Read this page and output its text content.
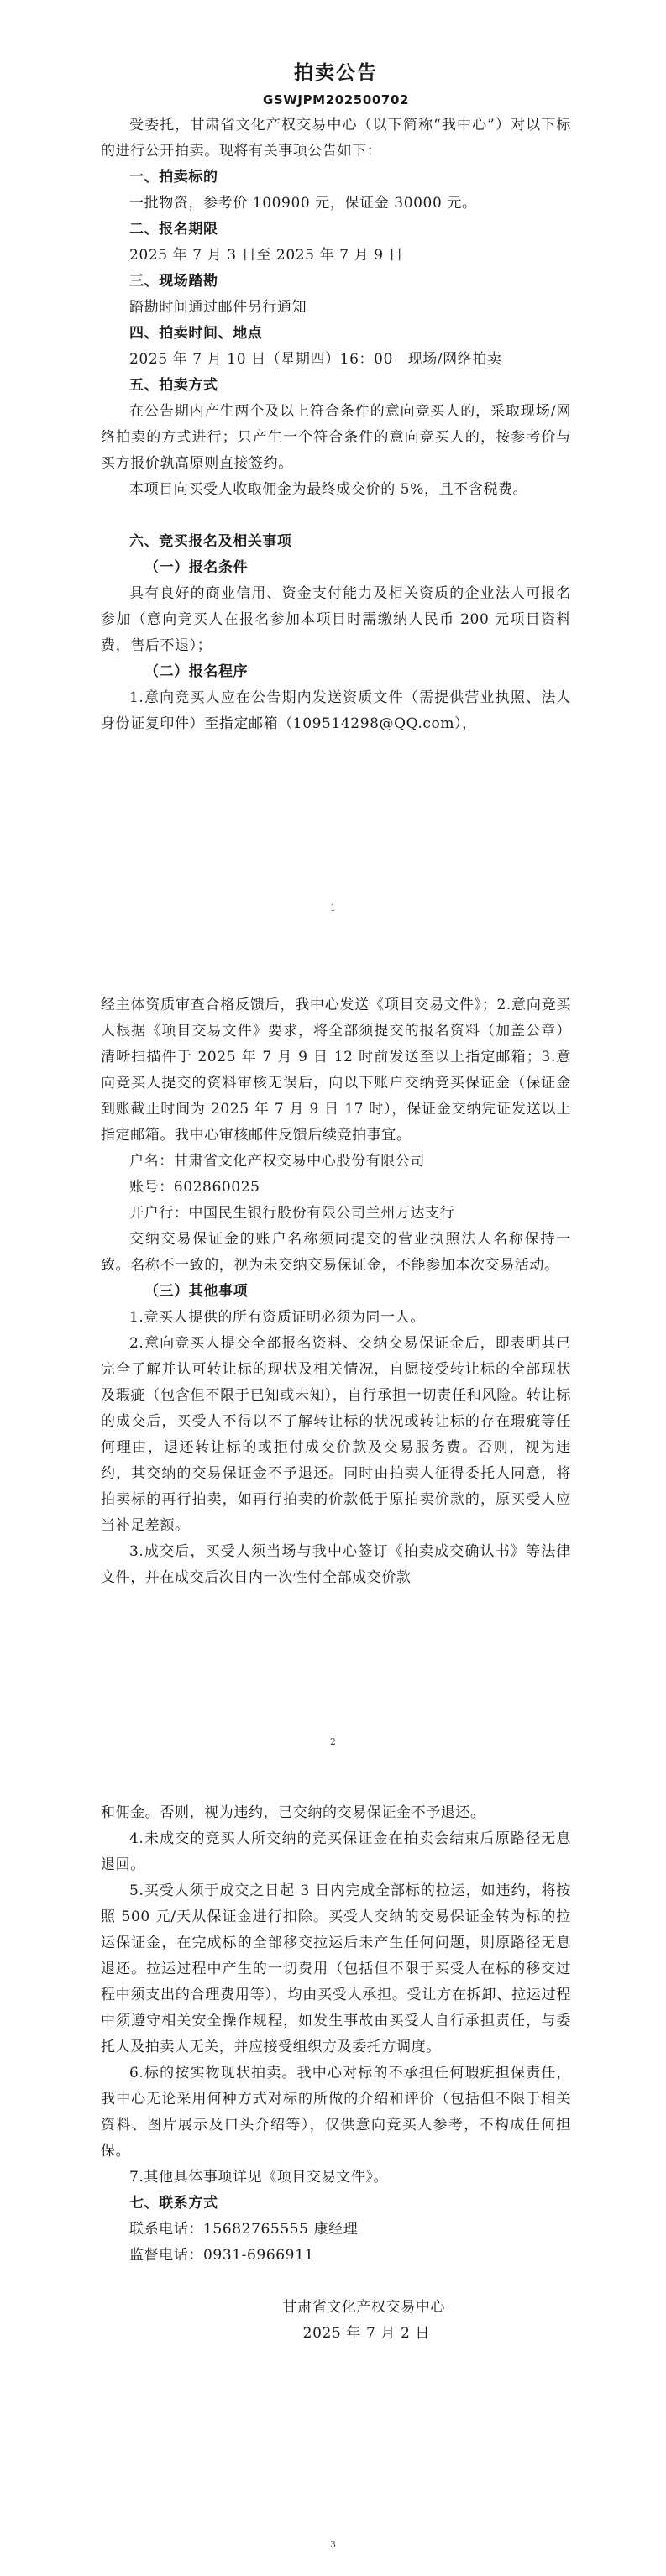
拍卖公告

GSWJPM202500702

受委托，甘肃省文化产权交易中心（以下简称“我中心”）对以下标的进行公开拍卖。现将有关事项公告如下：

一、拍卖标的

一批物资，参考价 100900 元，保证金 30000 元。

二、报名期限

2025 年 7 月 3 日至 2025 年 7 月 9 日

三、现场踏勘

踏勘时间通过邮件另行通知

四、拍卖时间、地点

2025 年 7 月 10 日（星期四）16：00　现场/网络拍卖

五、拍卖方式

在公告期内产生两个及以上符合条件的意向竞买人的，采取现场/网络拍卖的方式进行；只产生一个符合条件的意向竞买人的，按参考价与买方报价孰高原则直接签约。

本项目向买受人收取佣金为最终成交价的 5%，且不含税费。

六、竞买报名及相关事项

（一）报名条件

具有良好的商业信用、资金支付能力及相关资质的企业法人可报名参加（意向竞买人在报名参加本项目时需缴纳人民币 200 元项目资料费，售后不退）；

（二）报名程序

1.意向竞买人应在公告期内发送资质文件（需提供营业执照、法人身份证复印件）至指定邮箱（109514298@QQ.com），

1

经主体资质审查合格反馈后，我中心发送《项目交易文件》；2.意向竞买人根据《项目交易文件》要求，将全部须提交的报名资料（加盖公章）清晰扫描件于 2025 年 7 月 9 日 12 时前发送至以上指定邮箱；3.意向竞买人提交的资料审核无误后，向以下账户交纳竞买保证金（保证金到账截止时间为 2025 年 7 月 9 日 17 时），保证金交纳凭证发送以上指定邮箱。我中心审核邮件反馈后续竞拍事宜。

户名：甘肃省文化产权交易中心股份有限公司

账号：602860025

开户行：中国民生银行股份有限公司兰州万达支行

交纳交易保证金的账户名称须同提交的营业执照法人名称保持一致。名称不一致的，视为未交纳交易保证金，不能参加本次交易活动。

（三）其他事项

1.竞买人提供的所有资质证明必须为同一人。

2.意向竞买人提交全部报名资料、交纳交易保证金后，即表明其已完全了解并认可转让标的现状及相关情况，自愿接受转让标的全部现状及瑕疵（包含但不限于已知或未知），自行承担一切责任和风险。转让标的成交后，买受人不得以不了解转让标的状况或转让标的存在瑕疵等任何理由，退还转让标的或拒付成交价款及交易服务费。否则，视为违约，其交纳的交易保证金不予退还。同时由拍卖人征得委托人同意，将拍卖标的再行拍卖，如再行拍卖的价款低于原拍卖价款的，原买受人应当补足差额。

3.成交后，买受人须当场与我中心签订《拍卖成交确认书》等法律文件，并在成交后次日内一次性付全部成交价款

2

和佣金。否则，视为违约，已交纳的交易保证金不予退还。

4.未成交的竞买人所交纳的竞买保证金在拍卖会结束后原路径无息退回。

5.买受人须于成交之日起 3 日内完成全部标的拉运，如违约，将按照 500 元/天从保证金进行扣除。买受人交纳的交易保证金转为标的拉运保证金，在完成标的全部移交拉运后未产生任何问题，则原路径无息退还。拉运过程中产生的一切费用（包括但不限于买受人在标的移交过程中须支出的合理费用等），均由买受人承担。受让方在拆卸、拉运过程中须遵守相关安全操作规程，如发生事故由买受人自行承担责任，与委托人及拍卖人无关，并应接受组织方及委托方调度。

6.标的按实物现状拍卖。我中心对标的不承担任何瑕疵担保责任，我中心无论采用何种方式对标的所做的介绍和评价（包括但不限于相关资料、图片展示及口头介绍等），仅供意向竞买人参考，不构成任何担保。

7.其他具体事项详见《项目交易文件》。

七、联系方式

联系电话：15682765555 康经理

监督电话：0931-6966911

甘肃省文化产权交易中心

2025 年 7 月 2 日

3
